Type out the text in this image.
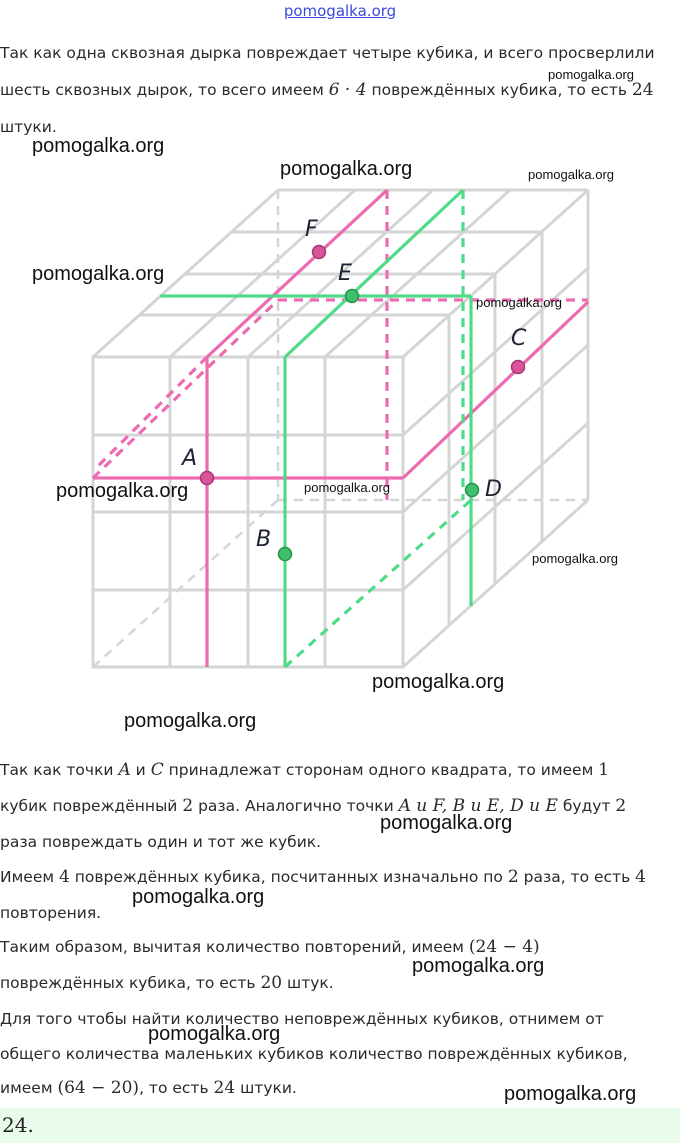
pomogalka.org
Так как одна сквозная дырка повреждает четыре кубика, и всего просверлили
шесть сквозных дырок, то всего имеем 6 · 4 повреждённых кубика, то есть 24
штуки.
A
B
C
D
E
F
Так как точки A и C принадлежат сторонам одного квадрата, то имеем 1
кубик повреждённый 2 раза. Аналогично точки A и F, B и E, D и E будут 2
раза повреждать один и тот же кубик.
Имеем 4 повреждённых кубика, посчитанных изначально по 2 раза, то есть 4
повторения.
Таким образом, вычитая количество повторений, имеем (24 − 4)
повреждённых кубика, то есть 20 штук.
Для того чтобы найти количество неповреждённых кубиков, отнимем от
общего количества маленьких кубиков количество повреждённых кубиков,
имеем (64 − 20), то есть 24 штуки.
24.
pomogalka.org
pomogalka.org
pomogalka.org	pomogalka.org
pomogalka.org
pomogalka.org
pomogalka.org
pomogalka.org
pomogalka.org
pomogalka.org
pomogalka.org
pomogalka.org
pomogalka.org
pomogalka.org
pomogalka.org
pomogalka.org
